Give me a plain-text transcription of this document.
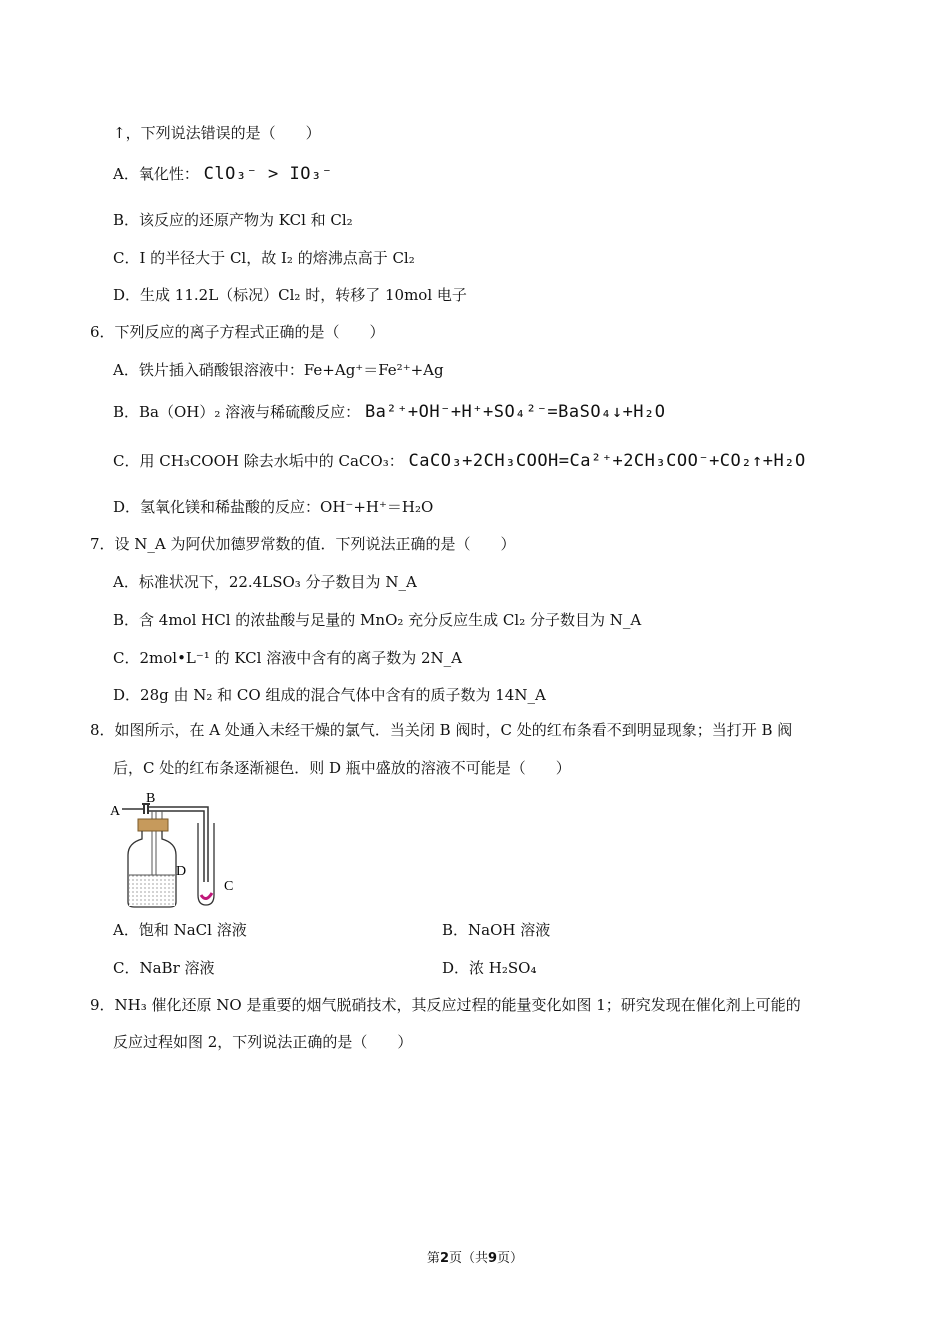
↑，下列说法错误的是（　　）
A．氧化性： ClO₃⁻ > IO₃⁻
B．该反应的还原产物为 KCl 和 Cl₂
C．I 的半径大于 Cl，故 I₂ 的熔沸点高于 Cl₂
D．生成 11.2L（标况）Cl₂ 时，转移了 10mol 电子
6．下列反应的离子方程式正确的是（　　）
A．铁片插入硝酸银溶液中：Fe+Ag⁺＝Fe²⁺+Ag
B．Ba（OH）₂ 溶液与稀硫酸反应： Ba²⁺+OH⁻+H⁺+SO₄²⁻=BaSO₄↓+H₂O
C．用 CH₃COOH 除去水垢中的 CaCO₃： CaCO₃+2CH₃COOH=Ca²⁺+2CH₃COO⁻+CO₂↑+H₂O
D．氢氧化镁和稀盐酸的反应：OH⁻+H⁺＝H₂O
7．设 N_A 为阿伏加德罗常数的值．下列说法正确的是（　　）
A．标准状况下，22.4LSO₃ 分子数目为 N_A
B．含 4mol HCl 的浓盐酸与足量的 MnO₂ 充分反应生成 Cl₂ 分子数目为 N_A
C．2mol•L⁻¹ 的 KCl 溶液中含有的离子数为 2N_A
D．28g 由 N₂ 和 CO 组成的混合气体中含有的质子数为 14N_A
8．如图所示，在 A 处通入未经干燥的氯气．当关闭 B 阀时，C 处的红布条看不到明显现象；当打开 B 阀
后，C 处的红布条逐渐褪色．则 D 瓶中盛放的溶液不可能是（　　）
A
B
D
C
A．饱和 NaCl 溶液	B．NaOH 溶液
C．NaBr 溶液	D．浓 H₂SO₄
9．NH₃ 催化还原 NO 是重要的烟气脱硝技术，其反应过程的能量变化如图 1；研究发现在催化剂上可能的
反应过程如图 2，下列说法正确的是（　　）
第2页（共9页）
